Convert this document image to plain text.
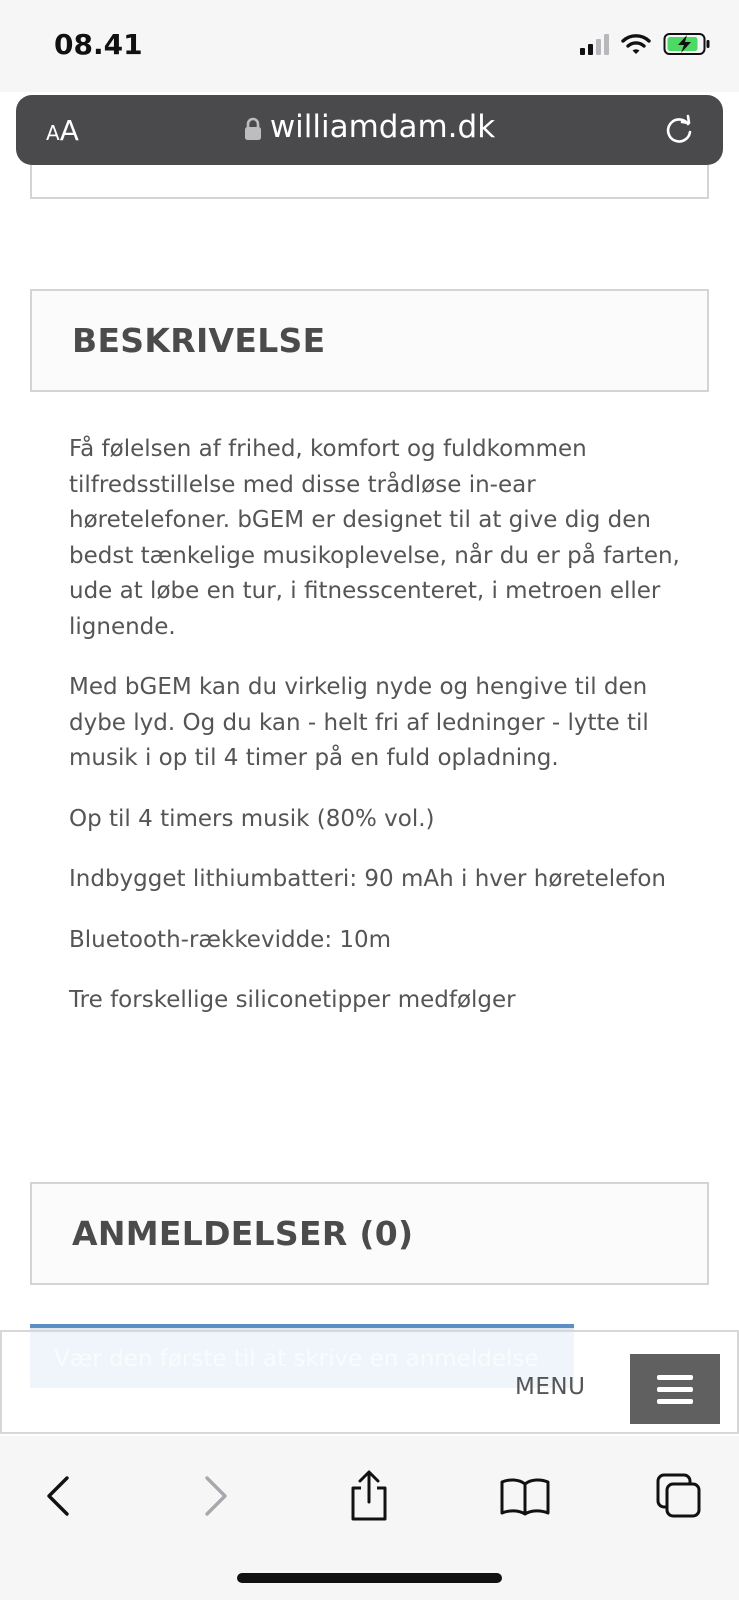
08.41
AA	williamdam.dk
BESKRIVELSE

Få følelsen af frihed, komfort og fuldkommen tilfredsstillelse med disse trådløse in-ear høretelefoner. bGEM er designet til at give dig den bedst tænkelige musikoplevelse, når du er på farten, ude at løbe en tur, i fitnesscenteret, i metroen eller lignende.

Med bGEM kan du virkelig nyde og hengive til den dybe lyd. Og du kan - helt fri af ledninger - lytte til musik i op til 4 timer på en fuld opladning.

Op til 4 timers musik (80% vol.)

Indbygget lithiumbatteri: 90 mAh i hver høretelefon

Bluetooth-rækkevidde: 10m

Tre forskellige siliconetipper medfølger

ANMELDELSER (0)
MENU
